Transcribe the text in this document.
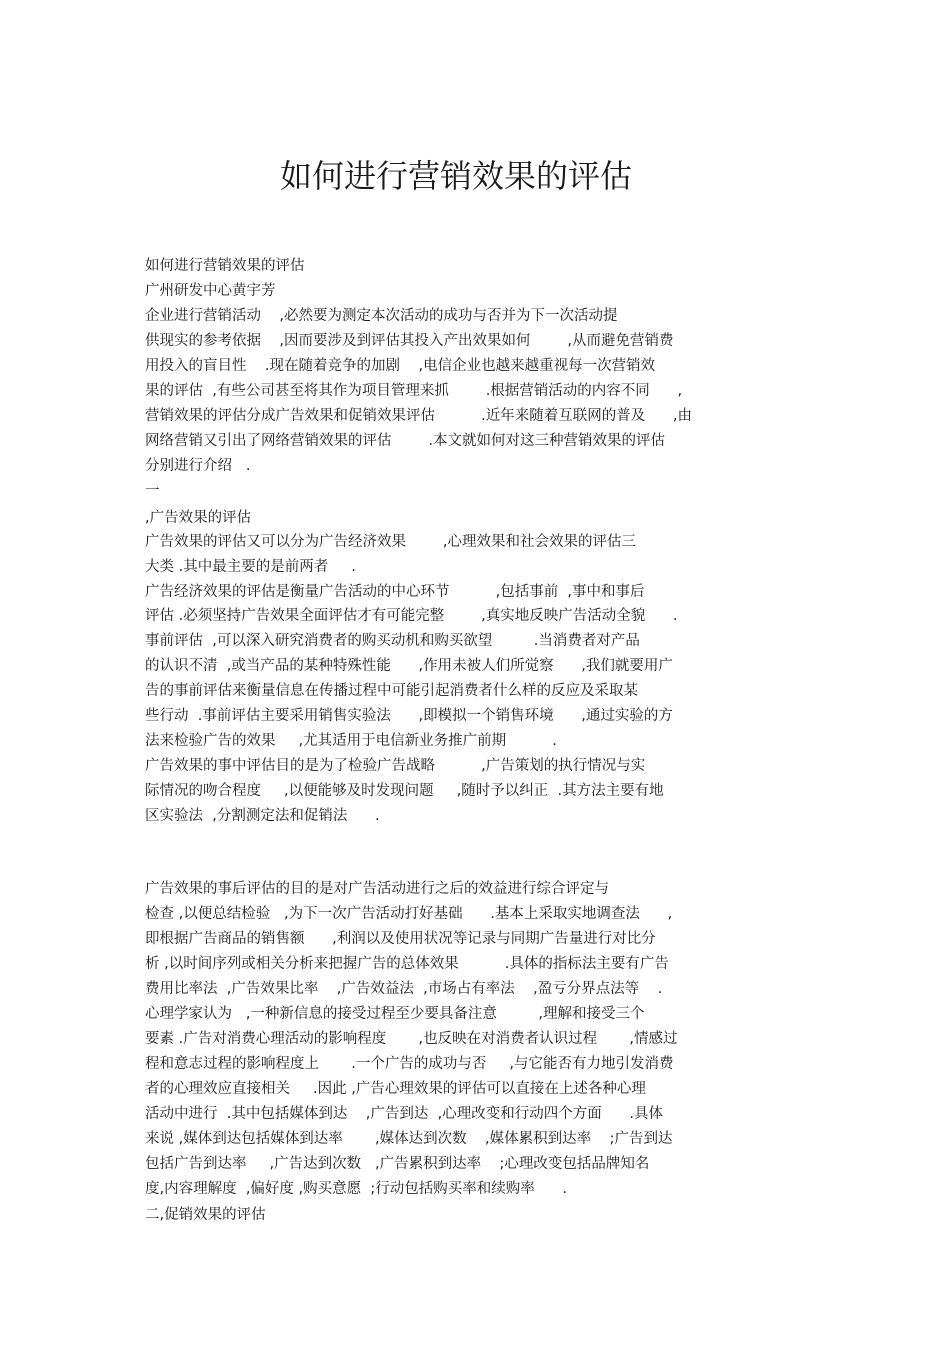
如何进行营销效果的评估
如何进行营销效果的评估
广州研发中心黄宇芳
企业进行营销活动    ,必然要为测定本次活动的成功与否并为下一次活动提
供现实的参考依据    ,因而要涉及到评估其投入产出效果如何        ,从而避免营销费
用投入的盲目性    .现在随着竞争的加剧    ,电信企业也越来越重视每一次营销效
果的评估  ,有些公司甚至将其作为项目管理来抓        .根据营销活动的内容不同      ,
营销效果的评估分成广告效果和促销效果评估          .近年来随着互联网的普及      ,由
网络营销又引出了网络营销效果的评估        .本文就如何对这三种营销效果的评估
分别进行介绍   .
一
,广告效果的评估
广告效果的评估又可以分为广告经济效果        ,心理效果和社会效果的评估三
大类 .其中最主要的是前两者     .
广告经济效果的评估是衡量广告活动的中心环节          ,包括事前  ,事中和事后
评估 .必须坚持广告效果全面评估才有可能完整        ,真实地反映广告活动全貌      .
事前评估  ,可以深入研究消费者的购买动机和购买欲望         .当消费者对产品
的认识不清  ,或当产品的某种特殊性能      ,作用未被人们所觉察      ,我们就要用广
告的事前评估来衡量信息在传播过程中可能引起消费者什么样的反应及采取某
些行动  .事前评估主要采用销售实验法      ,即模拟一个销售环境      ,通过实验的方
法来检验广告的效果     ,尤其适用于电信新业务推广前期          .
广告效果的事中评估目的是为了检验广告战略          ,广告策划的执行情况与实
际情况的吻合程度     ,以便能够及时发现问题     ,随时予以纠正  .其方法主要有地
区实验法  ,分割测定法和促销法      .
广告效果的事后评估的目的是对广告活动进行之后的效益进行综合评定与
检查 ,以便总结检验   ,为下一次广告活动打好基础      .基本上采取实地调查法      ,
即根据广告商品的销售额      ,利润以及使用状况等记录与同期广告量进行对比分
析 ,以时间序列或相关分析来把握广告的总体效果          .具体的指标法主要有广告
费用比率法  ,广告效果比率    ,广告效益法  ,市场占有率法    ,盈亏分界点法等    .
心理学家认为   ,一种新信息的接受过程至少要具备注意         ,理解和接受三个
要素 .广告对消费心理活动的影响程度       ,也反映在对消费者认识过程       ,情感过
程和意志过程的影响程度上       .一个广告的成功与否     ,与它能否有力地引发消费
者的心理效应直接相关     .因此 ,广告心理效果的评估可以直接在上述各种心理
活动中进行  .其中包括媒体到达    ,广告到达  ,心理改变和行动四个方面      .具体
来说 ,媒体到达包括媒体到达率       ,媒体达到次数    ,媒体累积到达率    ;广告到达
包括广告到达率     ,广告达到次数   ,广告累积到达率    ;心理改变包括品牌知名
度,内容理解度  ,偏好度 ,购买意愿  ;行动包括购买率和续购率      .
二,促销效果的评估
